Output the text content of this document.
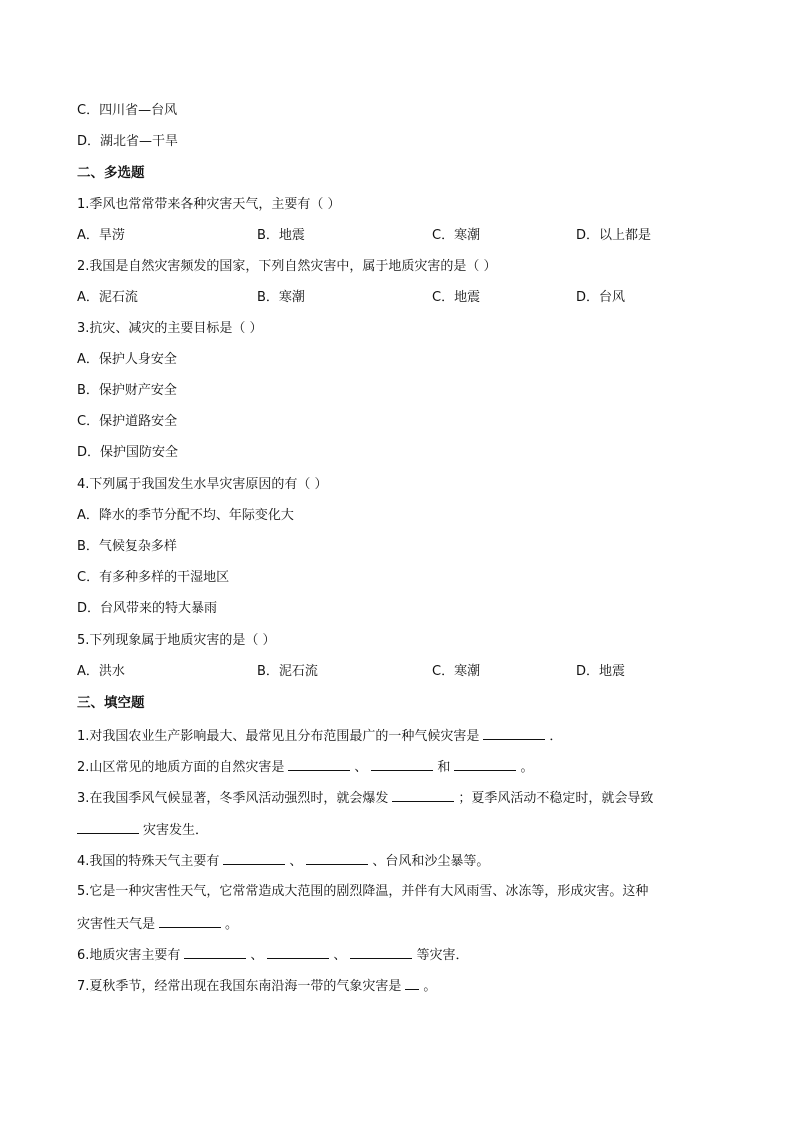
C．四川省—台风
D．湖北省—干旱
二、多选题
1.季风也常常带来各种灾害天气，主要有（ ）
A．旱涝	B．地震	C．寒潮	D．以上都是
2.我国是自然灾害频发的国家，下列自然灾害中，属于地质灾害的是（ ）
A．泥石流	B．寒潮	C．地震	D．台风
3.抗灾、减灾的主要目标是（ ）
A．保护人身安全
B．保护财产安全
C．保护道路安全
D．保护国防安全
4.下列属于我国发生水旱灾害原因的有（ ）
A．降水的季节分配不均、年际变化大
B．气候复杂多样
C．有多种多样的干湿地区
D．台风带来的特大暴雨
5.下列现象属于地质灾害的是（ ）
A．洪水	B．泥石流	C．寒潮	D．地震
三、填空题
1.对我国农业生产影响最大、最常见且分布范围最广的一种气候灾害是	．
2.山区常见的地质方面的自然灾害是	、	和	。
3.在我国季风气候显著，冬季风活动强烈时，就会爆发	；夏季风活动不稳定时，就会导致
灾害发生．
4.我国的特殊天气主要有	、	、台风和沙尘暴等。
5.它是一种灾害性天气，它常常造成大范围的剧烈降温，并伴有大风雨雪、冰冻等，形成灾害。这种
灾害性天气是	。
6.地质灾害主要有	、	、	等灾害．
7.夏秋季节，经常出现在我国东南沿海一带的气象灾害是 。
